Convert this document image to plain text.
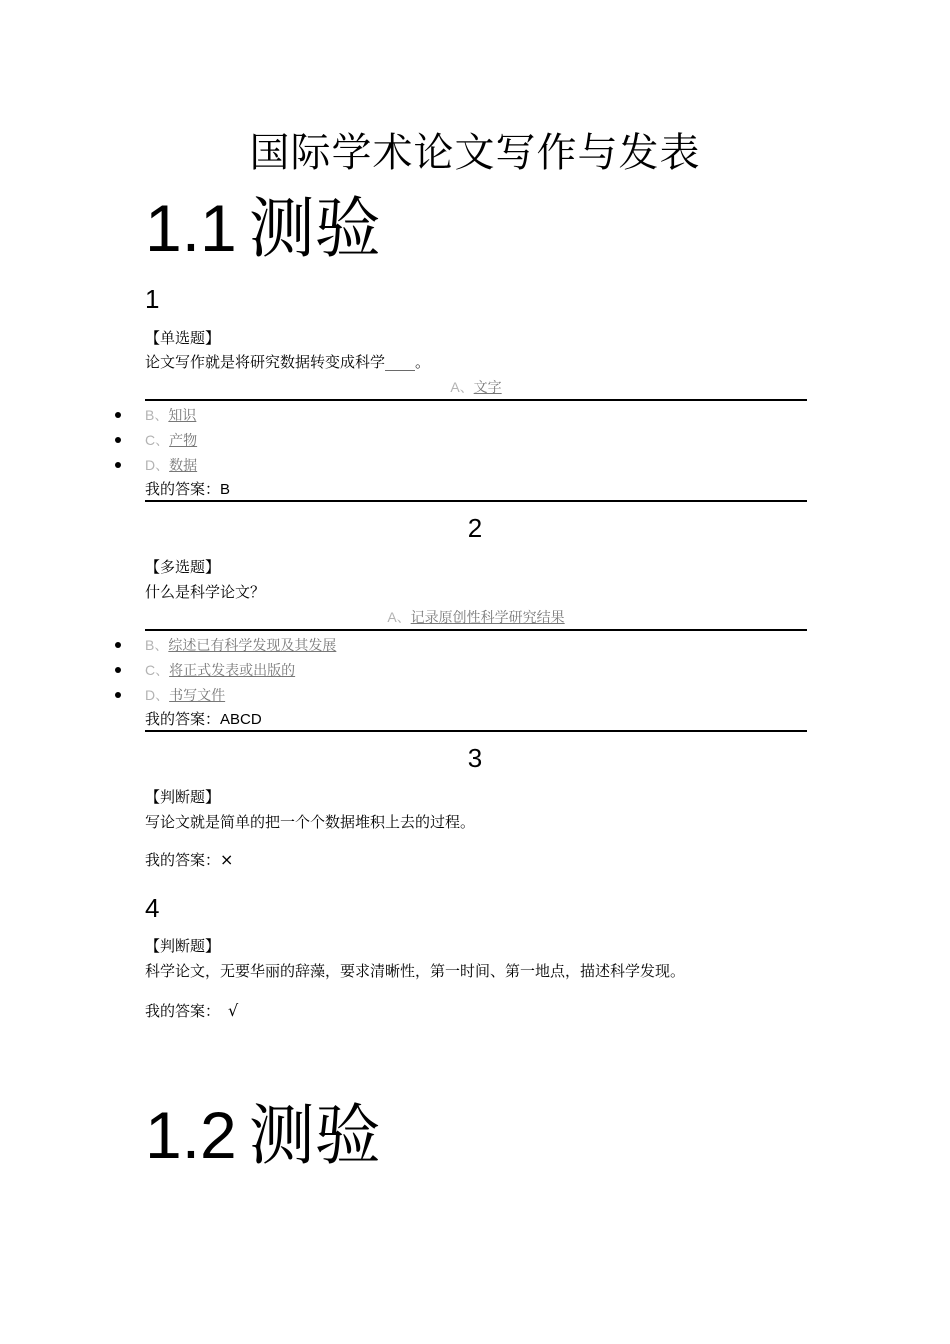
国际学术论文写作与发表
1.1 测验
1
【单选题】
论文写作就是将研究数据转变成科学____。
A、文字
B、知识
C、产物
D、数据
我的答案：B
2
【多选题】
什么是科学论文？
A、记录原创性科学研究结果
B、综述已有科学发现及其发展
C、将正式发表或出版的
D、书写文件
我的答案：ABCD
3
【判断题】
写论文就是简单的把一个个数据堆积上去的过程。
我的答案：×
4
【判断题】
科学论文，无要华丽的辞藻，要求清晰性，第一时间、第一地点，描述科学发现。
我的答案： √
1.2 测验
